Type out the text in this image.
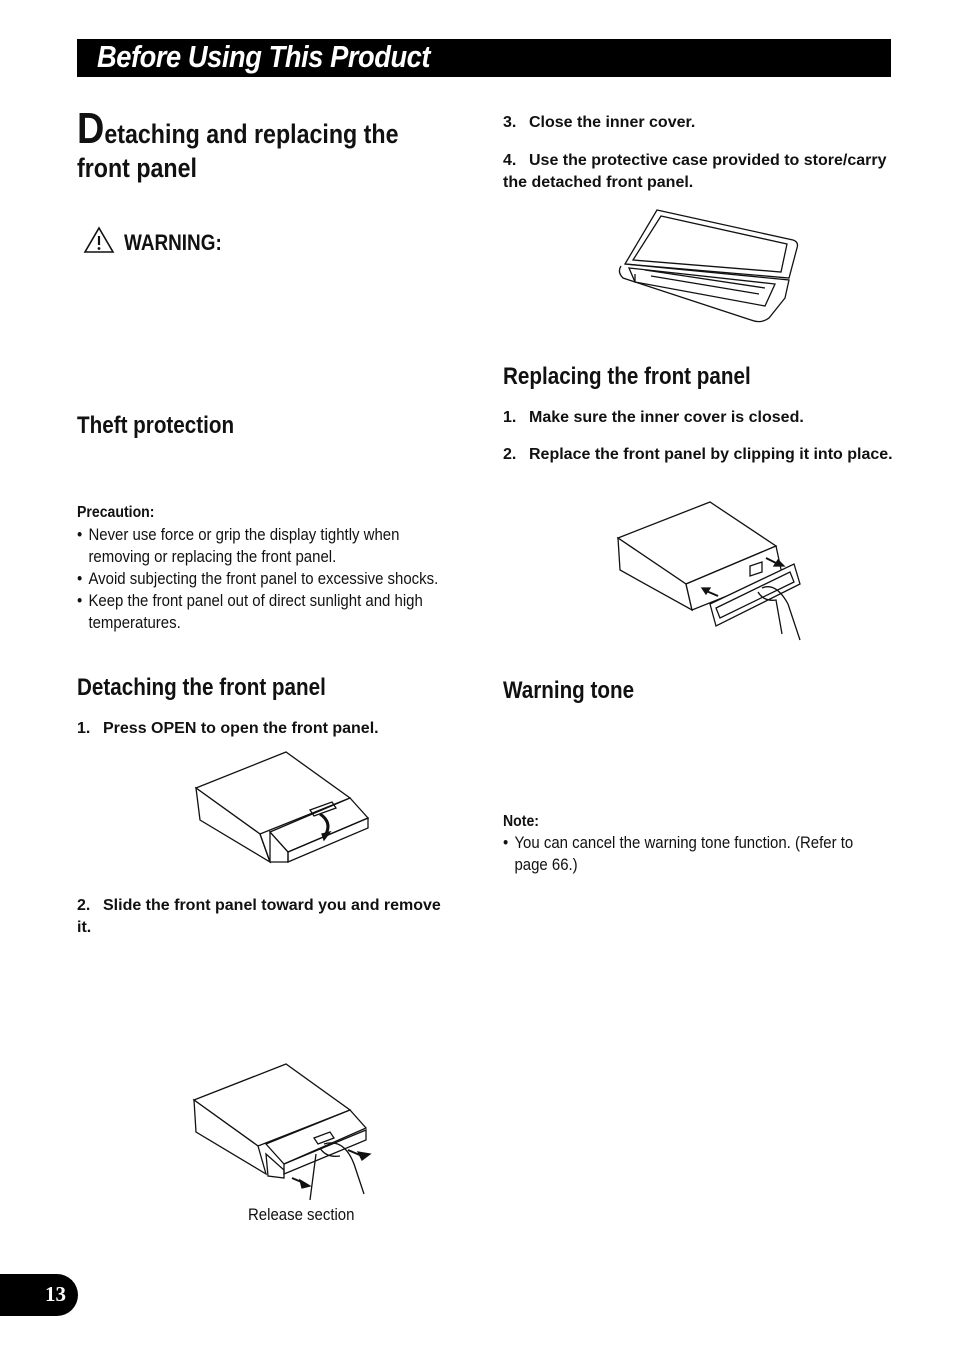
Before Using This Product
Detaching and replacing the front panel
WARNING:
Theft protection
Precaution:
• Never use force or grip the display tightly when removing or replacing the front panel.
• Avoid subjecting the front panel to excessive shocks.
• Keep the front panel out of direct sunlight and high temperatures.
Detaching the front panel
1. Press OPEN to open the front panel.
2. Slide the front panel toward you and remove it.
Release section
3. Close the inner cover.
4. Use the protective case provided to store/carry the detached front panel.
Replacing the front panel
1. Make sure the inner cover is closed.
2. Replace the front panel by clipping it into place.
Warning tone
Note:
• You can cancel the warning tone function. (Refer to page 66.)
13
